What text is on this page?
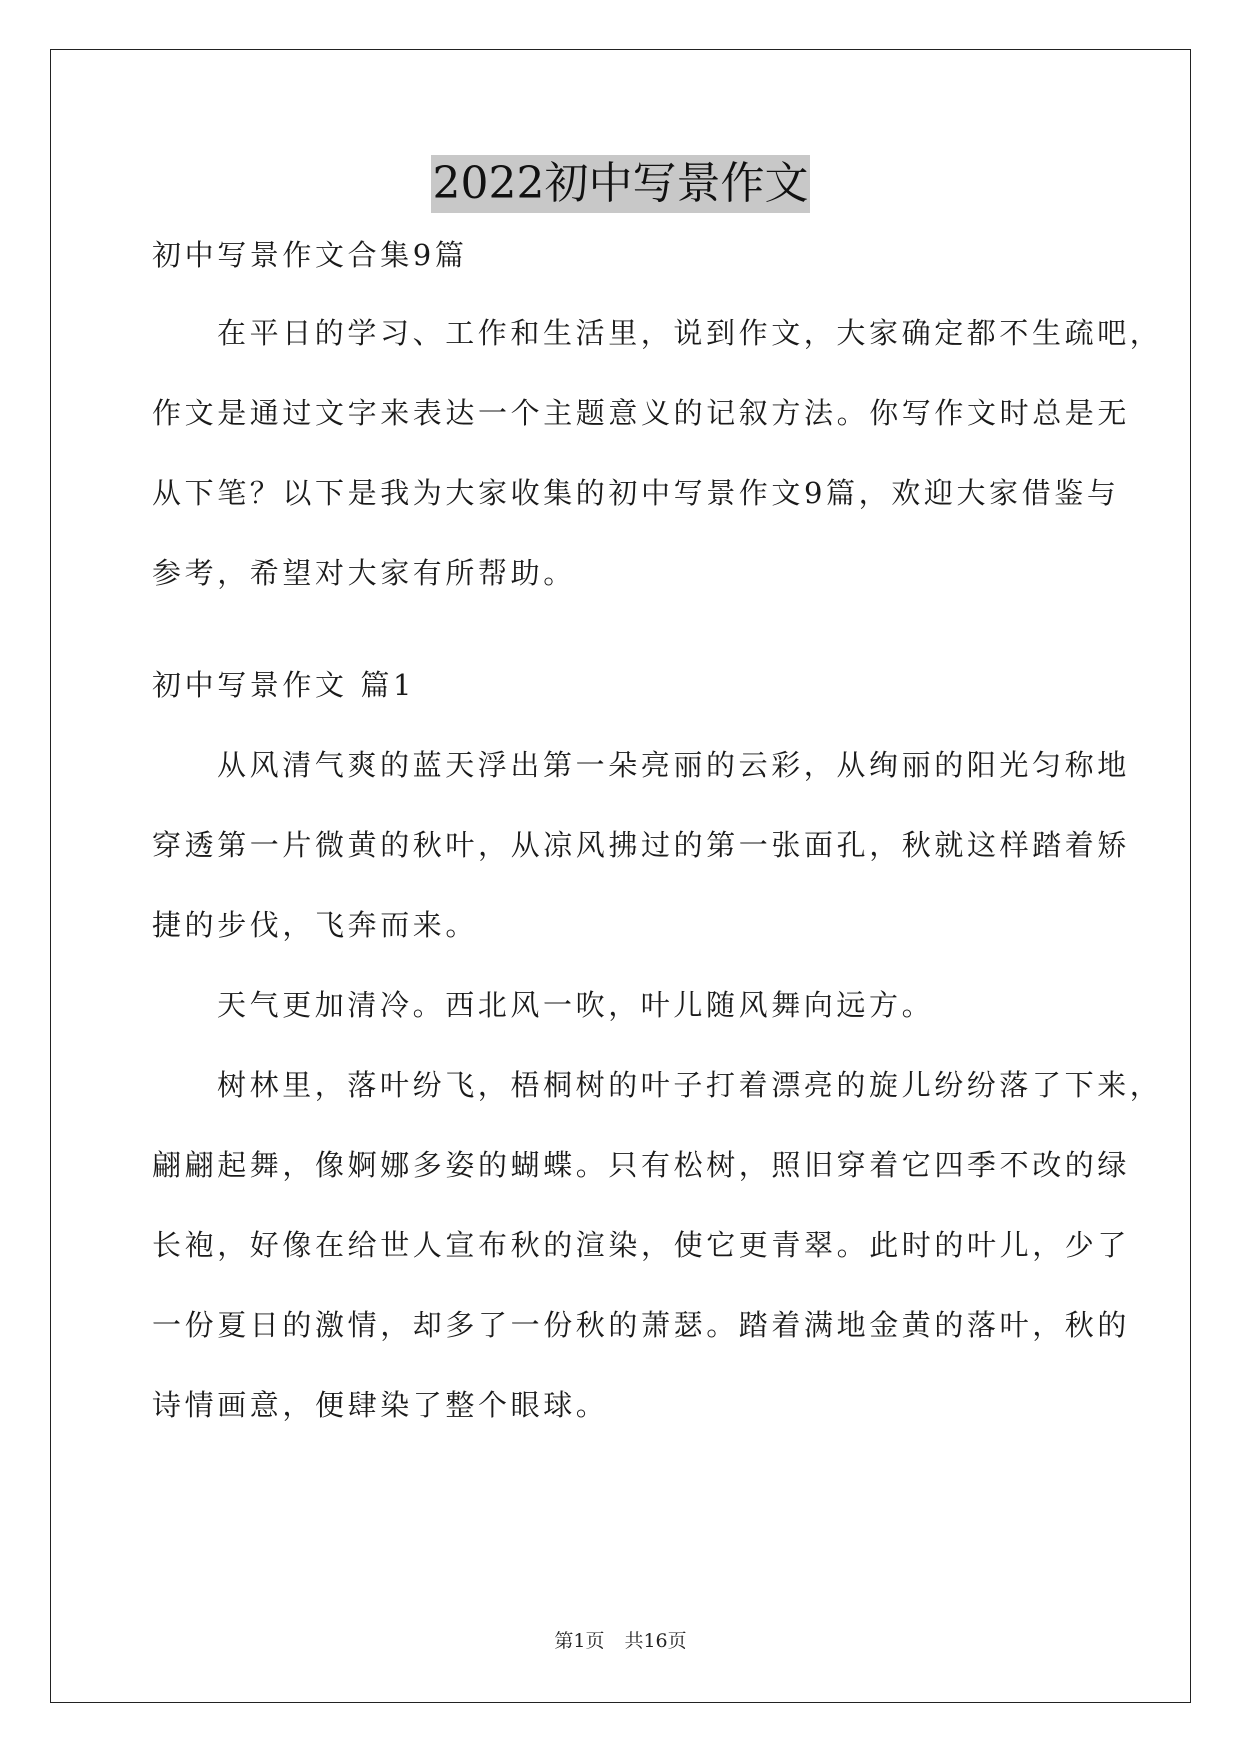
2022初中写景作文
初中写景作文合集9篇
在平日的学习、工作和生活里，说到作文，大家确定都不生疏吧，
作文是通过文字来表达一个主题意义的记叙方法。你写作文时总是无
从下笔？以下是我为大家收集的初中写景作文9篇，欢迎大家借鉴与
参考，希望对大家有所帮助。
初中写景作文 篇1
从风清气爽的蓝天浮出第一朵亮丽的云彩，从绚丽的阳光匀称地
穿透第一片微黄的秋叶，从凉风拂过的第一张面孔，秋就这样踏着矫
捷的步伐，飞奔而来。
天气更加清冷。西北风一吹，叶儿随风舞向远方。
树林里，落叶纷飞，梧桐树的叶子打着漂亮的旋儿纷纷落了下来，
翩翩起舞，像婀娜多姿的蝴蝶。只有松树，照旧穿着它四季不改的绿
长袍，好像在给世人宣布秋的渲染，使它更青翠。此时的叶儿，少了
一份夏日的激情，却多了一份秋的萧瑟。踏着满地金黄的落叶，秋的
诗情画意，便肆染了整个眼球。
第1页 共16页
